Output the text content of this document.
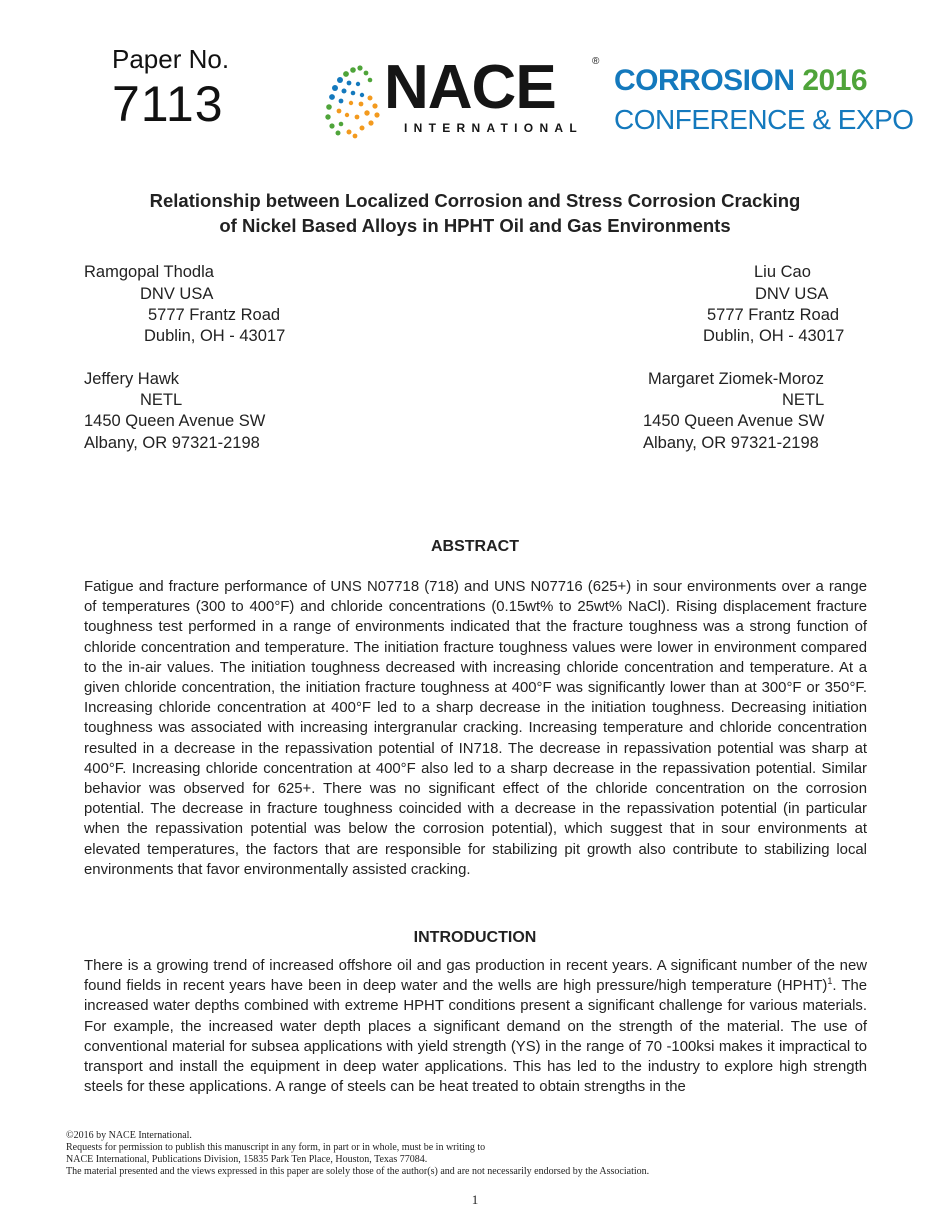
Paper No.
7113	NACE	®
INTERNATIONAL
CORROSION 2016
CONFERENCE & EXPO
Relationship between Localized Corrosion and Stress Corrosion Cracking
of Nickel Based Alloys in HPHT Oil and Gas Environments
Ramgopal Thodla
DNV USA
5777 Frantz Road
Dublin, OH - 43017
Liu Cao
DNV USA
5777 Frantz Road
Dublin, OH - 43017
Jeffery Hawk
NETL
1450 Queen Avenue SW
Albany, OR 97321-2198
Margaret Ziomek-Moroz
NETL
1450 Queen Avenue SW
Albany, OR 97321-2198
ABSTRACT
Fatigue and fracture performance of UNS N07718 (718) and UNS N07716 (625+) in sour environments over a range of temperatures (300 to 400°F) and chloride concentrations (0.15wt% to 25wt% NaCl). Rising displacement fracture toughness test performed in a range of environments indicated that the fracture toughness was a strong function of chloride concentration and temperature. The initiation fracture toughness values were lower in environment compared to the in-air values. The initiation toughness decreased with increasing chloride concentration and temperature. At a given chloride concentration, the initiation fracture toughness at 400°F was significantly lower than at 300°F or 350°F. Increasing chloride concentration at 400°F led to a sharp decrease in the initiation toughness. Decreasing initiation toughness was associated with increasing intergranular cracking. Increasing temperature and chloride concentration resulted in a decrease in the repassivation potential of IN718. The decrease in repassivation potential was sharp at 400°F. Increasing chloride concentration at 400°F also led to a sharp decrease in the repassivation potential. Similar behavior was observed for 625+. There was no significant effect of the chloride concentration on the corrosion potential. The decrease in fracture toughness coincided with a decrease in the repassivation potential (in particular when the repassivation potential was below the corrosion potential), which suggest that in sour environments at elevated temperatures, the factors that are responsible for stabilizing pit growth also contribute to stabilizing local environments that favor environmentally assisted cracking.
INTRODUCTION
There is a growing trend of increased offshore oil and gas production in recent years. A significant number of the new found fields in recent years have been in deep water and the wells are high pressure/high temperature (HPHT)$^1$. The increased water depths combined with extreme HPHT conditions present a significant challenge for various materials. For example, the increased water depth places a significant demand on the strength of the material. The use of conventional material for subsea applications with yield strength (YS) in the range of 70 -100ksi makes it impractical to transport and install the equipment in deep water applications. This has led to the industry to explore high strength steels for these applications. A range of steels can be heat treated to obtain strengths in the
©2016 by NACE International.
Requests for permission to publish this manuscript in any form, in part or in whole, must be in writing to
NACE International, Publications Division, 15835 Park Ten Place, Houston, Texas 77084.
The material presented and the views expressed in this paper are solely those of the author(s) and are not necessarily endorsed by the Association.
1
